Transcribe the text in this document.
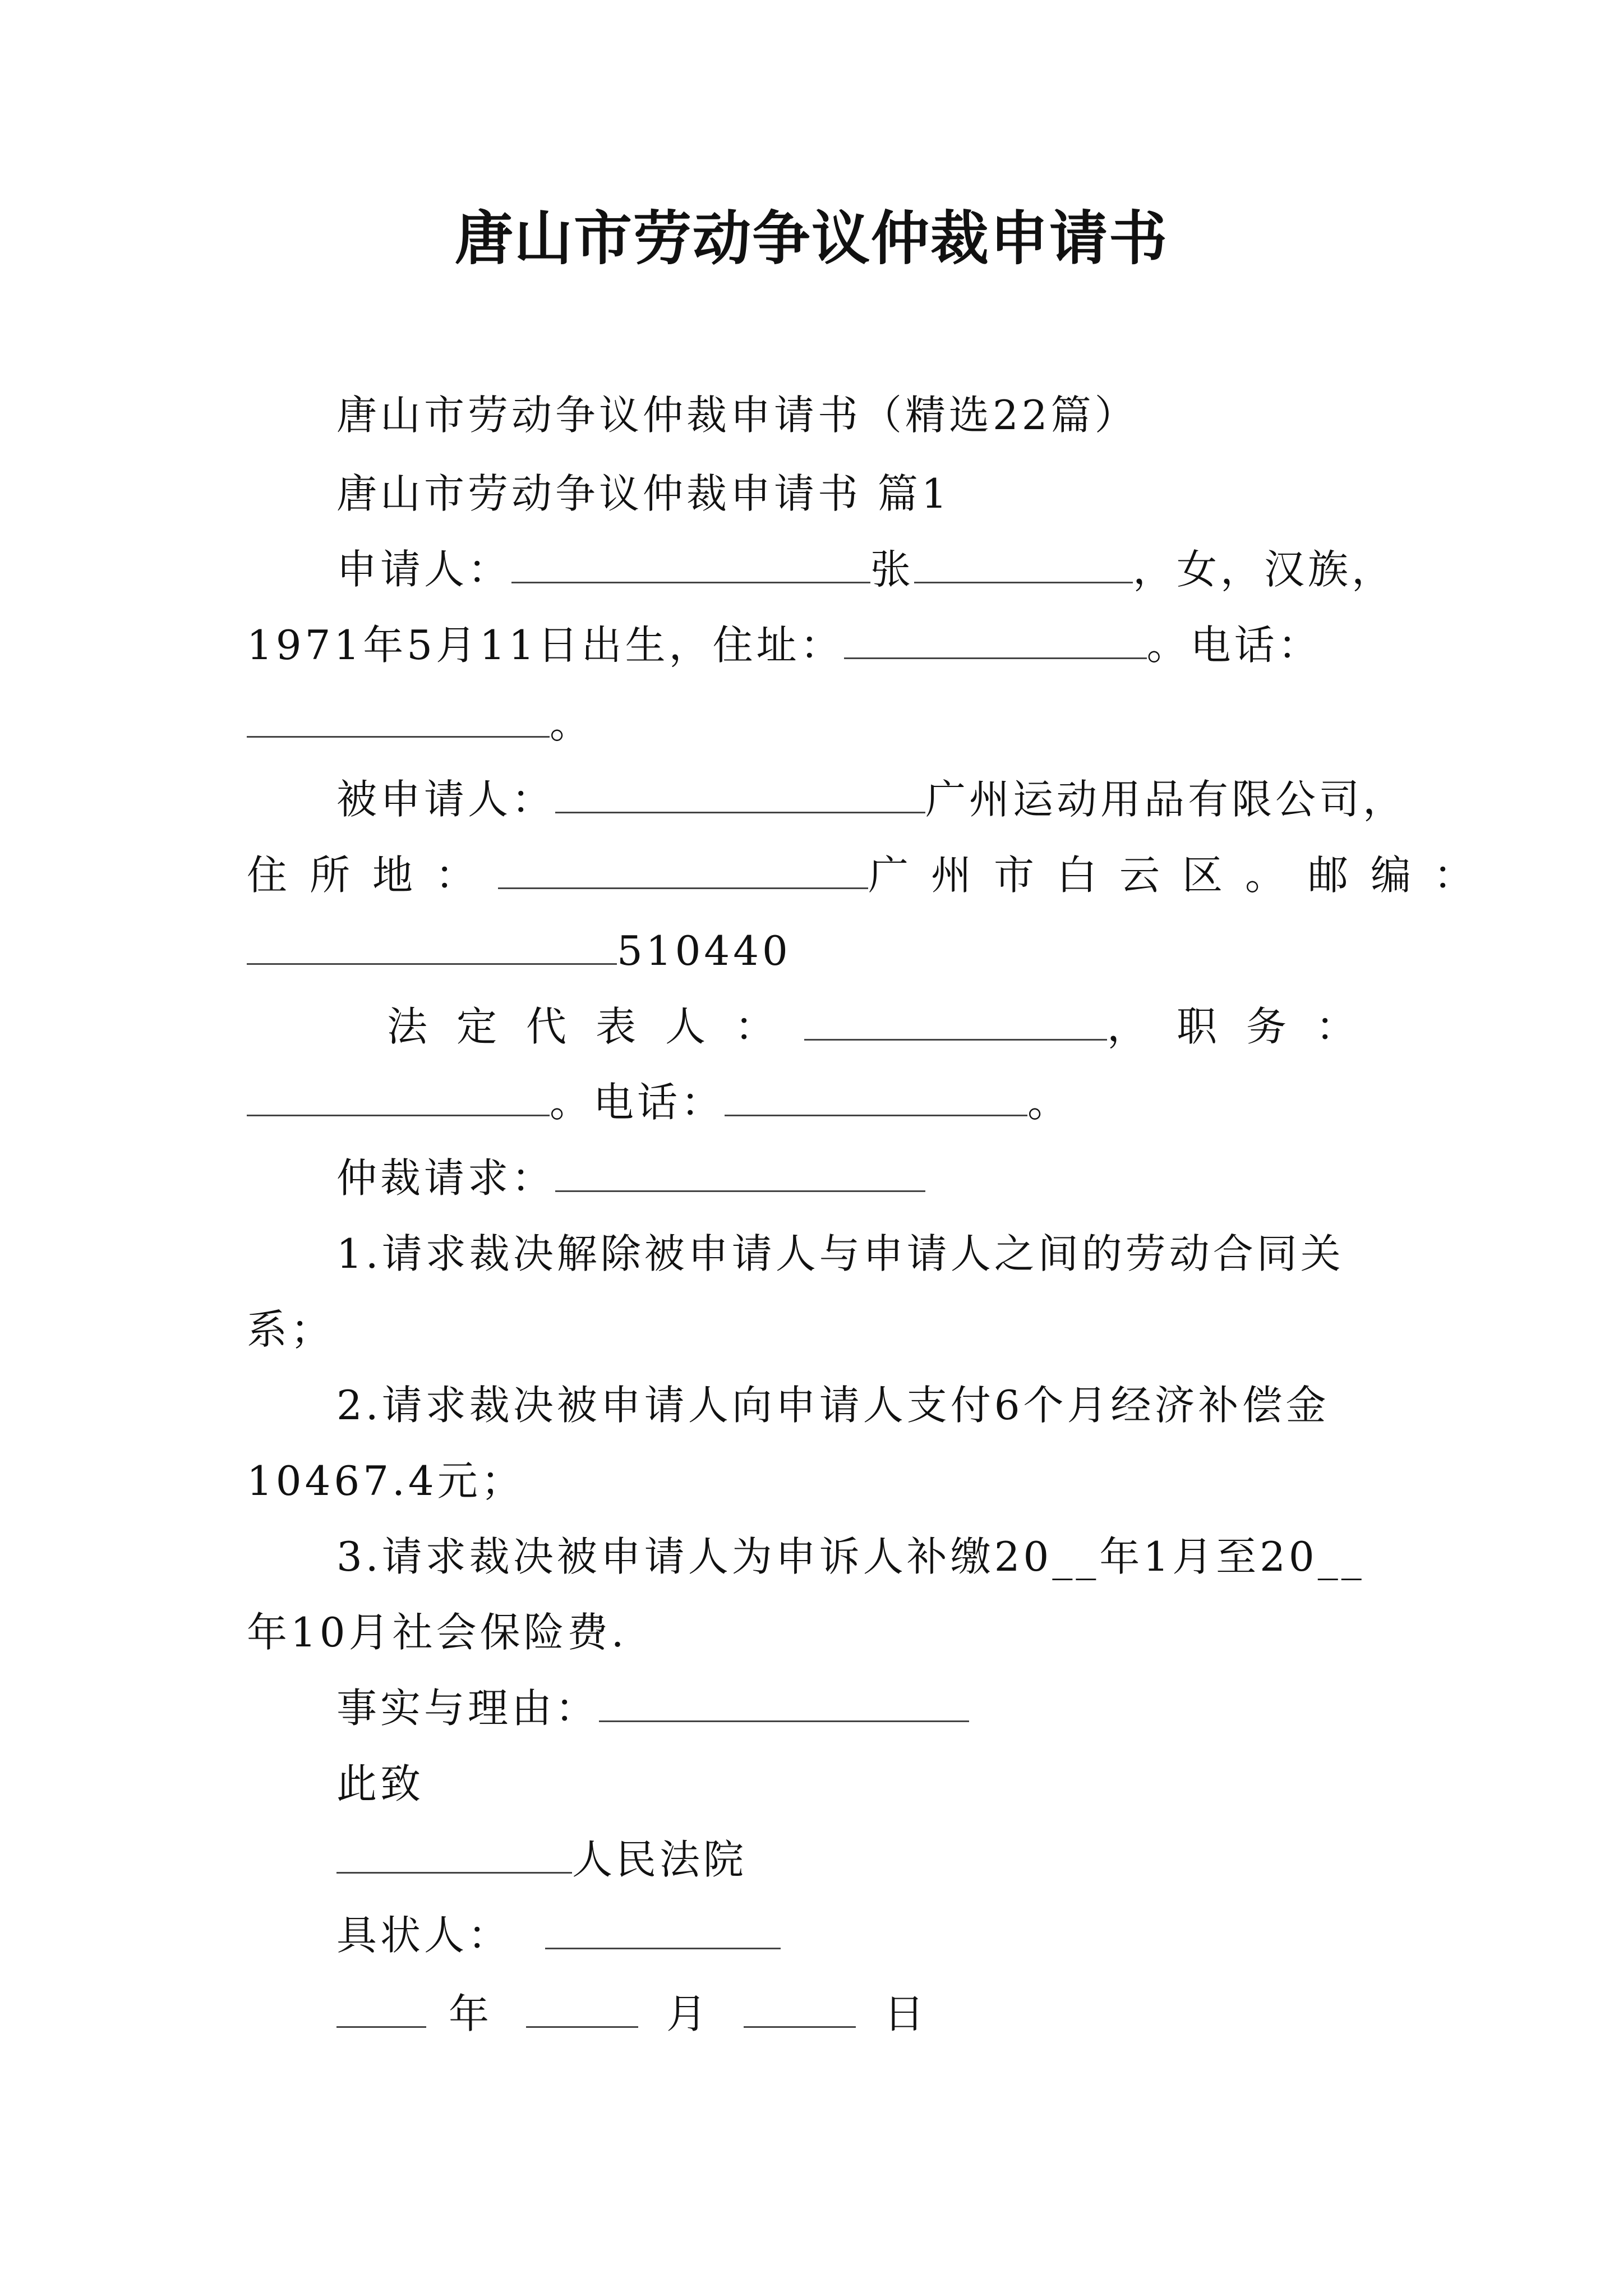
唐山市劳动争议仲裁申请书
唐山市劳动争议仲裁申请书（精选22篇）
唐山市劳动争议仲裁申请书 篇1
申请人：	张	，女，汉族，
1971年5月11日出生，住址：	。电话：
。
被申请人：	广州运动用品有限公司，
住所地：	广州市白云区。邮编：
510440
法定代表人：	，职务：
。电话：	。
仲裁请求：
1.请求裁决解除被申请人与申请人之间的劳动合同关
系；
2.请求裁决被申请人向申请人支付6个月经济补偿金
10467.4元；
3.请求裁决被申请人为申诉人补缴20__年1月至20__
年10月社会保险费.
事实与理由：
此致
人民法院
具状人：
年	月	日
